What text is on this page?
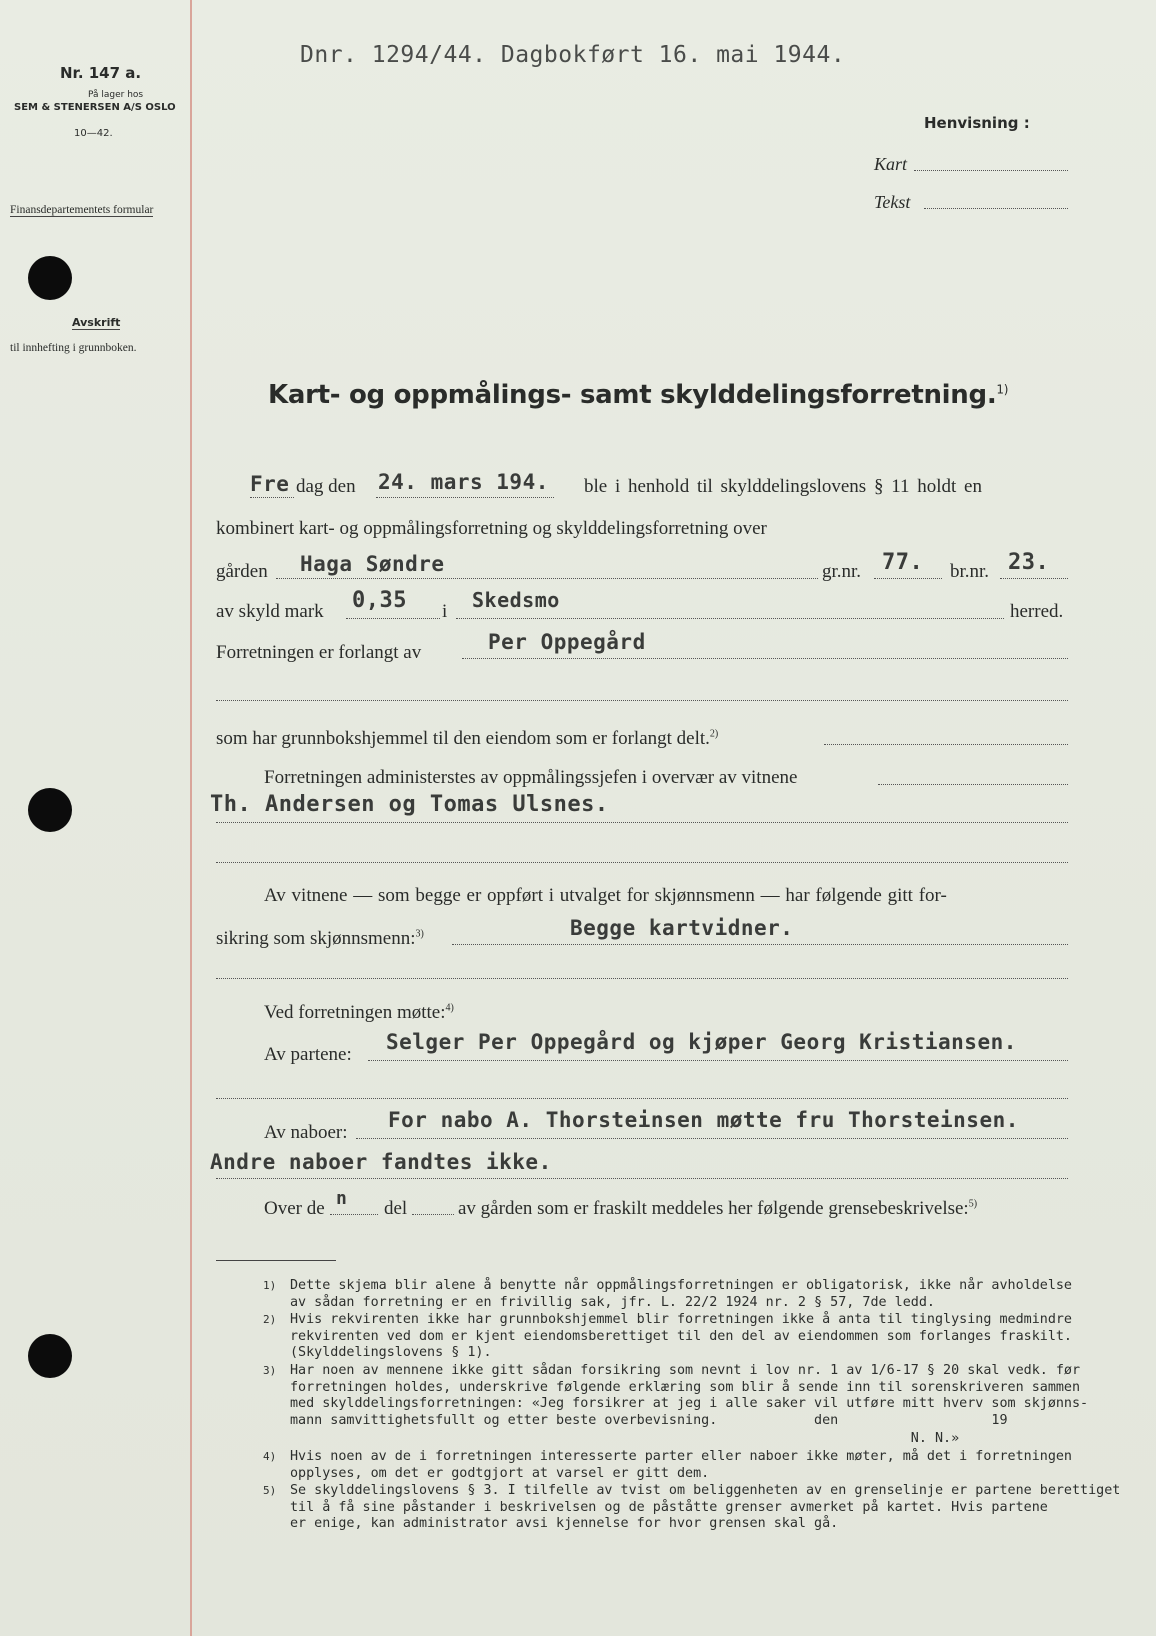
Nr. 147 a.
På lager hos
SEM & STENERSEN A/S OSLO
10—42.
Finansdepartementets formular
Avskrift
til innhefting i grunnboken.
Dnr. 1294/44. Dagbokført 16. mai 1944.
Henvisning :
Kart
Tekst
Kart- og oppmålings- samt skylddelingsforretning.$^{1)}$
Fre dag den 24. mars 194. ble i henhold til skylddelingslovens § 11 holdt en
kombinert kart- og oppmålingsforretning og skylddelingsforretning over
gården Haga Søndre	gr.nr. 77. br.nr. 23.
av skyld mark 0,35 i Skedsmo	herred.
Forretningen er forlangt av	Per Oppegård
som har grunnbokshjemmel til den eiendom som er forlangt delt.$^{2)}$
Forretningen administerstes av oppmålingssjefen i overvær av vitnene
Th. Andersen og Tomas Ulsnes.
Av vitnene — som begge er oppført i utvalget for skjønnsmenn — har følgende gitt for-
sikring som skjønnsmenn:$^{3)}$	Begge kartvidner.
Ved forretningen møtte:$^{4)}$
Av partene:
Selger Per Oppegård og kjøper Georg Kristiansen.
Av naboer:
For nabo A. Thorsteinsen møtte fru Thorsteinsen.
Andre naboer fandtes ikke.
Over de n del	av gården som er fraskilt meddeles her følgende grensebeskrivelse:$^{5)}$
1) Dette skjema blir alene å benytte når oppmålingsforretningen er obligatorisk, ikke når avholdelse
av sådan forretning er en frivillig sak, jfr. L. 22/2 1924 nr. 2 § 57, 7de ledd.
2) Hvis rekvirenten ikke har grunnbokshjemmel blir forretningen ikke å anta til tinglysing medmindre
rekvirenten ved dom er kjent eiendomsberettiget til den del av eiendommen som forlanges fraskilt.
(Skylddelingslovens § 1).
3) Har noen av mennene ikke gitt sådan forsikring som nevnt i lov nr. 1 av 1/6-17 § 20 skal vedk. før
forretningen holdes, underskrive følgende erklæring som blir å sende inn til sorenskriveren sammen
med skylddelingsforretningen: «Jeg forsikrer at jeg i alle saker vil utføre mitt hverv som skjønns-
mann samvittighetsfullt og etter beste overbevisning.            den                   19
N. N.»
4) Hvis noen av de i forretningen interesserte parter eller naboer ikke møter, må det i forretningen
opplyses, om det er godtgjort at varsel er gitt dem.
5) Se skylddelingslovens § 3. I tilfelle av tvist om beliggenheten av en grenselinje er partene berettiget
til å få sine påstander i beskrivelsen og de påståtte grenser avmerket på kartet. Hvis partene
er enige, kan administrator avsi kjennelse for hvor grensen skal gå.
